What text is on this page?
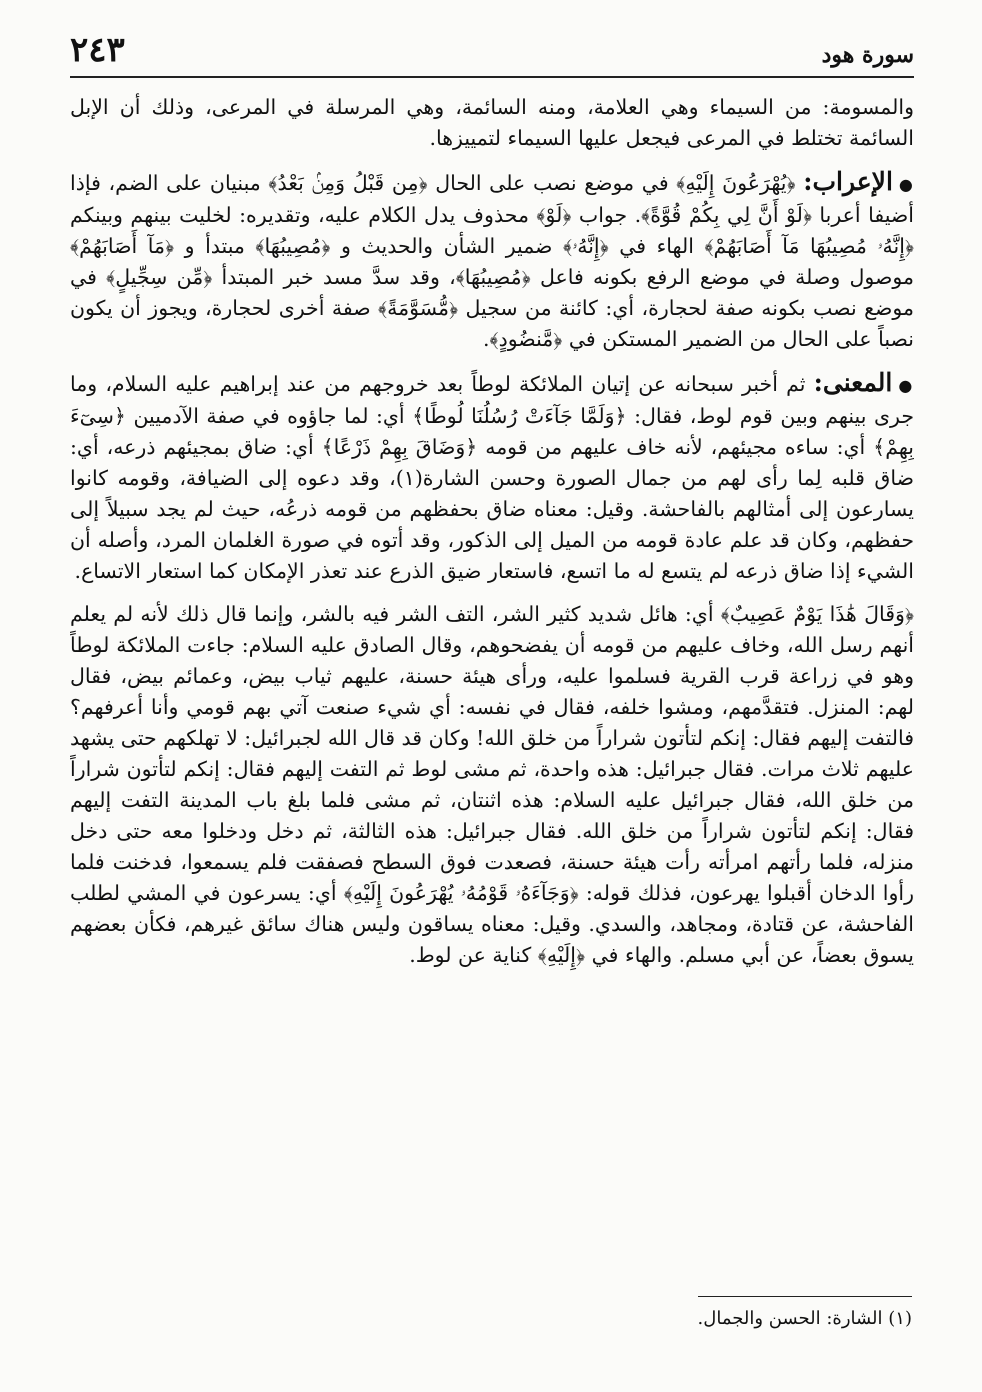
٢٤٣	سورة هود

والمسومة: من السيماء وهي العلامة، ومنه السائمة، وهي المرسلة في المرعى، وذلك أن الإبل السائمة تختلط في المرعى فيجعل عليها السيماء لتمييزها.

●الإعراب: ﴿يُهْرَعُونَ إِلَيْهِ﴾ في موضع نصب على الحال ﴿مِن قَبْلُ وَمِنۢ بَعْدُ﴾ مبنيان على الضم، فإذا أضيفا أعربا ﴿لَوْ أَنَّ لِي بِكُمْ قُوَّةً﴾. جواب ﴿لَوْ﴾ محذوف يدل الكلام عليه، وتقديره: لخليت بينهم وبينكم ﴿إِنَّهُۥ مُصِيبُهَا مَآ أَصَابَهُمْ﴾ الهاء في ﴿إِنَّهُۥ﴾ ضمير الشأن والحديث و ﴿مُصِيبُهَا﴾ مبتدأ و ﴿مَآ أَصَابَهُمْ﴾ موصول وصلة في موضع الرفع بكونه فاعل ﴿مُصِيبُهَا﴾، وقد سدَّ مسد خبر المبتدأ ﴿مِّن سِجِّيلٍ﴾ في موضع نصب بكونه صفة لحجارة، أي: كائنة من سجيل ﴿مُّسَوَّمَةً﴾ صفة أخرى لحجارة، ويجوز أن يكون نصباً على الحال من الضمير المستكن في ﴿مَّنضُودٍ﴾.

●المعنى: ثم أخبر سبحانه عن إتيان الملائكة لوطاً بعد خروجهم من عند إبراهيم عليه السلام، وما جرى بينهم وبين قوم لوط، فقال: ﴿وَلَمَّا جَآءَتْ رُسُلُنَا لُوطًا﴾ أي: لما جاؤوه في صفة الآدميين ﴿سِىٓءَ بِهِمْ﴾ أي: ساءه مجيئهم، لأنه خاف عليهم من قومه ﴿وَضَاقَ بِهِمْ ذَرْعًا﴾ أي: ضاق بمجيئهم ذرعه، أي: ضاق قلبه لِما رأى لهم من جمال الصورة وحسن الشارة(١)، وقد دعوه إلى الضيافة، وقومه كانوا يسارعون إلى أمثالهم بالفاحشة. وقيل: معناه ضاق بحفظهم من قومه ذرعُه، حيث لم يجد سبيلاً إلى حفظهم، وكان قد علم عادة قومه من الميل إلى الذكور، وقد أتوه في صورة الغلمان المرد، وأصله أن الشيء إذا ضاق ذرعه لم يتسع له ما اتسع، فاستعار ضيق الذرع عند تعذر الإمكان كما استعار الاتساع.

﴿وَقَالَ هَٰذَا يَوْمٌ عَصِيبٌ﴾ أي: هائل شديد كثير الشر، التف الشر فيه بالشر، وإنما قال ذلك لأنه لم يعلم أنهم رسل الله، وخاف عليهم من قومه أن يفضحوهم، وقال الصادق عليه السلام: جاءت الملائكة لوطاً وهو في زراعة قرب القرية فسلموا عليه، ورأى هيئة حسنة، عليهم ثياب بيض، وعمائم بيض، فقال لهم: المنزل. فتقدَّمهم، ومشوا خلفه، فقال في نفسه: أي شيء صنعت آتي بهم قومي وأنا أعرفهم؟ فالتفت إليهم فقال: إنكم لتأتون شراراً من خلق الله! وكان قد قال الله لجبرائيل: لا تهلكهم حتى يشهد عليهم ثلاث مرات. فقال جبرائيل: هذه واحدة، ثم مشى لوط ثم التفت إليهم فقال: إنكم لتأتون شراراً من خلق الله، فقال جبرائيل عليه السلام: هذه اثنتان، ثم مشى فلما بلغ باب المدينة التفت إليهم فقال: إنكم لتأتون شراراً من خلق الله. فقال جبرائيل: هذه الثالثة، ثم دخل ودخلوا معه حتى دخل منزله، فلما رأتهم امرأته رأت هيئة حسنة، فصعدت فوق السطح فصفقت فلم يسمعوا، فدخنت فلما رأوا الدخان أقبلوا يهرعون، فذلك قوله: ﴿وَجَآءَهُۥ قَوْمُهُۥ يُهْرَعُونَ إِلَيْهِ﴾ أي: يسرعون في المشي لطلب الفاحشة، عن قتادة، ومجاهد، والسدي. وقيل: معناه يساقون وليس هناك سائق غيرهم، فكأن بعضهم يسوق بعضاً، عن أبي مسلم. والهاء في ﴿إِلَيْهِ﴾ كناية عن لوط.

(١) الشارة: الحسن والجمال.
